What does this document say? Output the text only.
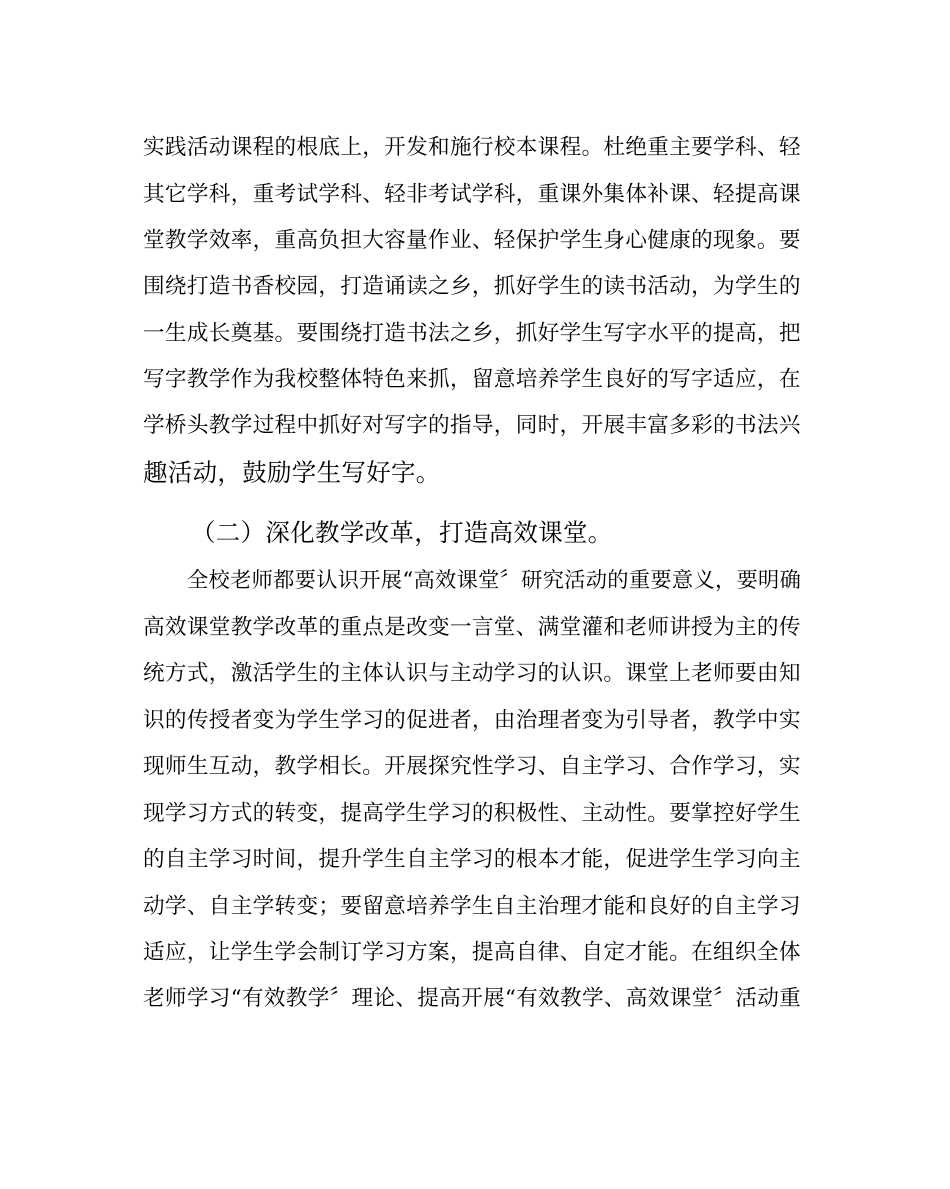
实践活动课程的根底上，开发和施行校本课程。杜绝重主要学科、轻
其它学科，重考试学科、轻非考试学科，重课外集体补课、轻提高课
堂教学效率，重高负担大容量作业、轻保护学生身心健康的现象。要
围绕打造书香校园，打造诵读之乡，抓好学生的读书活动，为学生的
一生成长奠基。要围绕打造书法之乡，抓好学生写字水平的提高，把
写字教学作为我校整体特色来抓，留意培养学生良好的写字适应，在
学桥头教学过程中抓好对写字的指导，同时，开展丰富多彩的书法兴
趣活动，鼓励学生写好字。
（二）深化教学改革，打造高效课堂。
全校老师都要认识开展“高效课堂〞研究活动的重要意义，要明确
高效课堂教学改革的重点是改变一言堂、满堂灌和老师讲授为主的传
统方式，激活学生的主体认识与主动学习的认识。课堂上老师要由知
识的传授者变为学生学习的促进者，由治理者变为引导者，教学中实
现师生互动，教学相长。开展探究性学习、自主学习、合作学习，实
现学习方式的转变，提高学生学习的积极性、主动性。要掌控好学生
的自主学习时间，提升学生自主学习的根本才能，促进学生学习向主
动学、自主学转变；要留意培养学生自主治理才能和良好的自主学习
适应，让学生学会制订学习方案，提高自律、自定才能。在组织全体
老师学习“有效教学〞理论、提高开展“有效教学、高效课堂〞活动重
